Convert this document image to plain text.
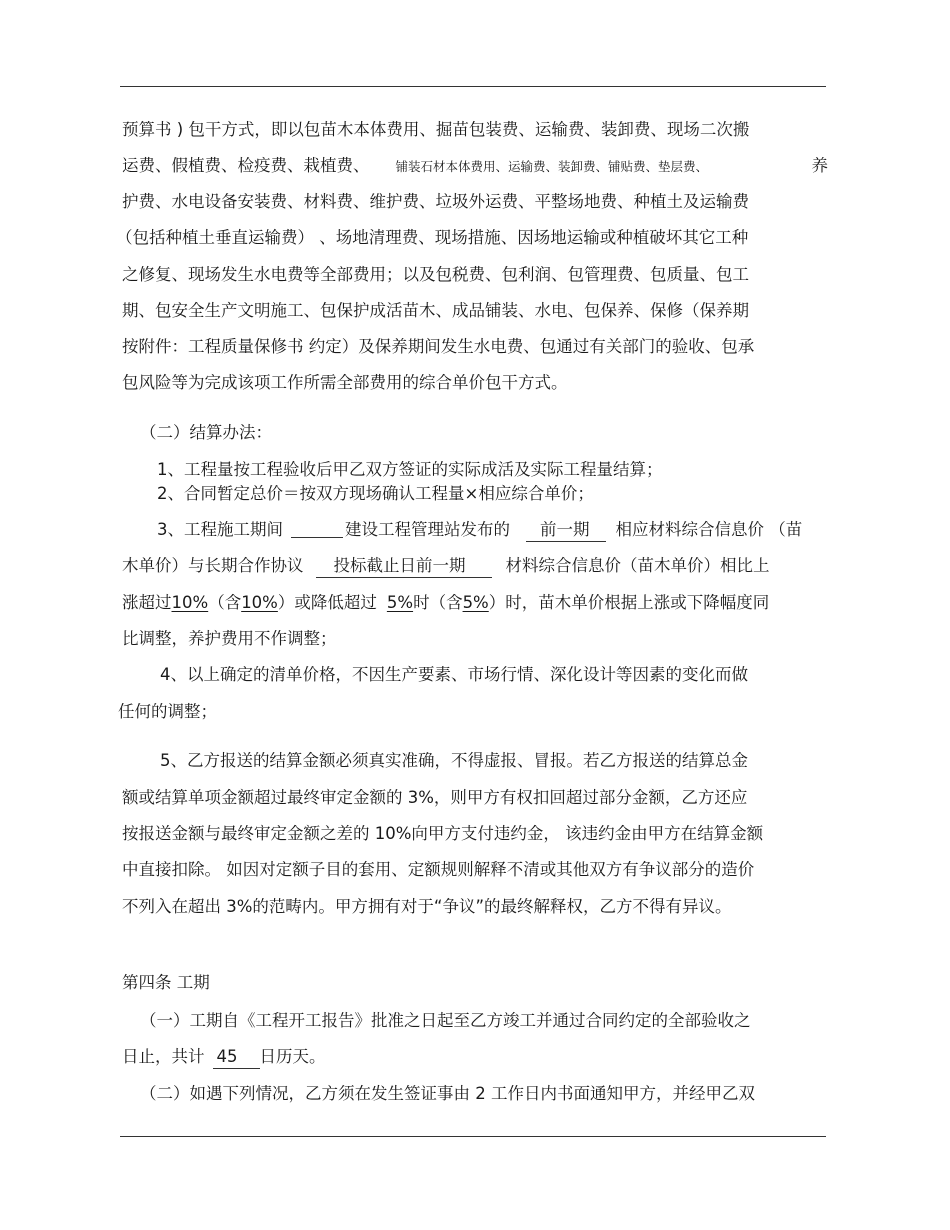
预算书 ) 包干方式，即以包苗木本体费用、掘苗包装费、运输费、装卸费、现场二次搬
运费、假植费、检疫费、栽植费、 铺装石材本体费用、运输费、装卸费、铺贴费、垫层费、	养
护费、水电设备安装费、材料费、维护费、垃圾外运费、平整场地费、种植土及运输费
（包括种植土垂直运输费） 、场地清理费、现场措施、因场地运输或种植破坏其它工种
之修复、现场发生水电费等全部费用；以及包税费、包利润、包管理费、包质量、包工
期、包安全生产文明施工、包保护成活苗木、成品铺装、水电、包保养、保修（保养期
按附件：工程质量保修书 约定）及保养期间发生水电费、包通过有关部门的验收、包承
包风险等为完成该项工作所需全部费用的综合单价包干方式。
（二）结算办法：
1、工程量按工程验收后甲乙双方签证的实际成活及实际工程量结算；
2、合同暂定总价＝按双方现场确认工程量×相应综合单价；
3、工程施工期间	建设工程管理站发布的 前一期 相应材料综合信息价 （苗
木单价）与长期合作协议 投标截止日前一期 材料综合信息价（苗木单价）相比上
涨超过10%（含10%）或降低超过 5%时（含5%）时，苗木单价根据上涨或下降幅度同
比调整，养护费用不作调整；
4、以上确定的清单价格，不因生产要素、市场行情、深化设计等因素的变化而做
任何的调整；
5、乙方报送的结算金额必须真实准确，不得虚报、冒报。若乙方报送的结算总金
额或结算单项金额超过最终审定金额的 3%，则甲方有权扣回超过部分金额，乙方还应
按报送金额与最终审定金额之差的 10%向甲方支付违约金， 该违约金由甲方在结算金额
中直接扣除。 如因对定额子目的套用、定额规则解释不清或其他双方有争议部分的造价
不列入在超出 3%的范畴内。甲方拥有对于“争议”的最终解释权，乙方不得有异议。
第四条 工期
（一）工期自《工程开工报告》批准之日起至乙方竣工并通过合同约定的全部验收之
日止，共计 45 日历天。
（二）如遇下列情况，乙方须在发生签证事由 2 工作日内书面通知甲方，并经甲乙双
